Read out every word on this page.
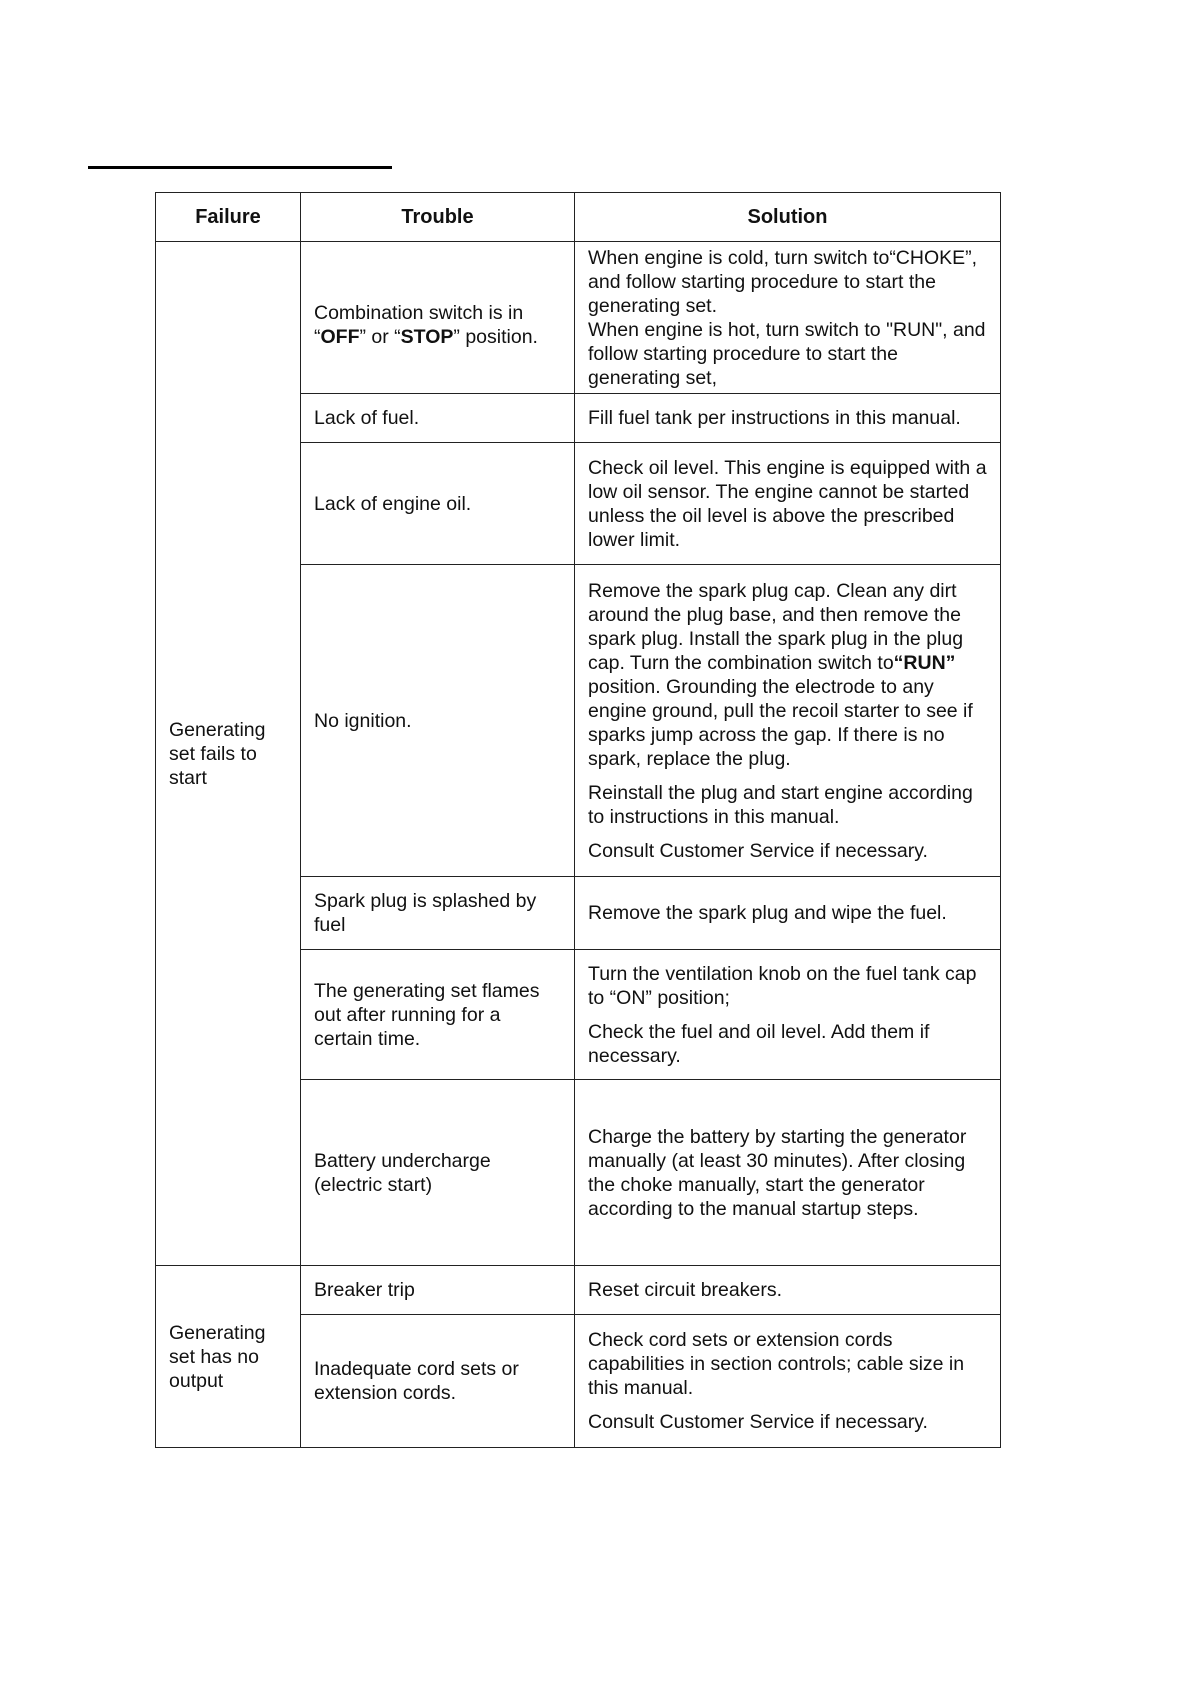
Failure	Trouble	Solution
Generating set fails to start	Combination switch is in “OFF” or “STOP” position.	When engine is cold, turn switch to“CHOKE”, and follow starting procedure to start the generating set.

When engine is hot, turn switch to "RUN", and follow starting procedure to start the generating set,

	Lack of fuel.	Fill fuel tank per instructions in this manual.

	Lack of engine oil.	Check oil level. This engine is equipped with a low oil sensor. The engine cannot be started unless the oil level is above the prescribed lower limit.

	No ignition.	Remove the spark plug cap. Clean any dirt around the plug base, and then remove the spark plug. Install the spark plug in the plug cap. Turn the combination switch to“RUN” position. Grounding the electrode to any engine ground, pull the recoil starter to see if sparks jump across the gap. If there is no spark, replace the plug.

Reinstall the plug and start engine according to instructions in this manual.

Consult Customer Service if necessary.

	Spark plug is splashed by fuel	Remove the spark plug and wipe the fuel.

	The generating set flames out after running for a certain time.	Turn the ventilation knob on the fuel tank cap to “ON” position;

Check the fuel and oil level. Add them if necessary.

	Battery undercharge (electric start)	Charge the battery by starting the generator manually (at least 30 minutes). After closing the choke manually, start the generator according to the manual startup steps.

Generating set has no output	Breaker trip	Reset circuit breakers.

	Inadequate cord sets or extension cords.	Check cord sets or extension cords capabilities in section controls; cable size in this manual.

Consult Customer Service if necessary.
